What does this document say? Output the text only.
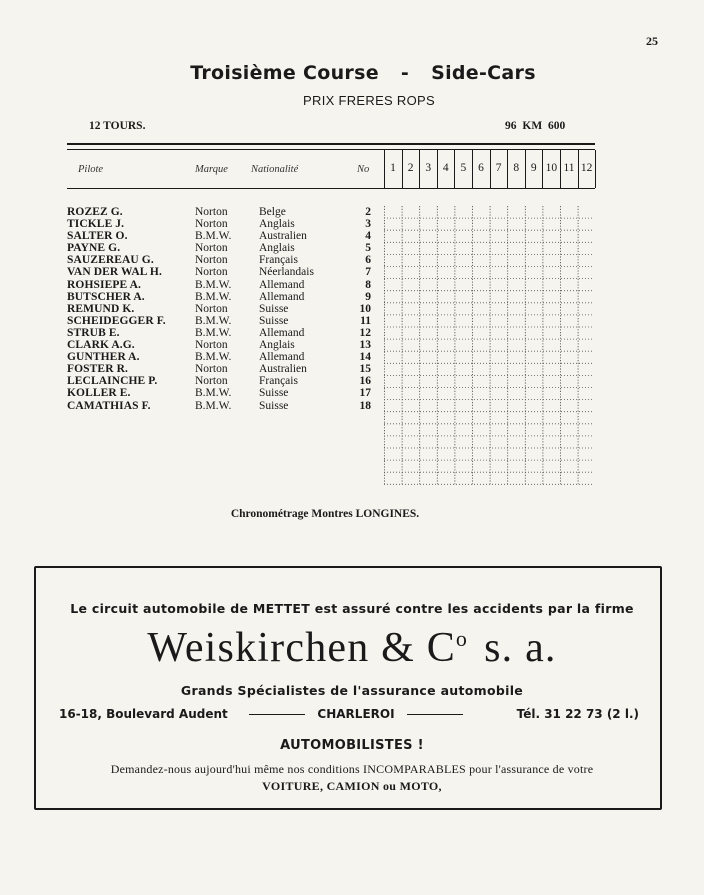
25
Troisième Course - Side-Cars
PRIX FRERES ROPS
12 TOURS.	96 KM 600
Pilote	Marque Nationalité	No	1	2	3	4	5	6	7	8	9 10 11 12
ROZEZ G.	Norton	Belge	2
TICKLE J.	Norton	Anglais	3
SALTER O.	B.M.W. Australien	4
PAYNE G.	Norton	Anglais	5
SAUZEREAU G.	Norton	Français	6
VAN DER WAL H.	Norton	Néerlandais	7
ROHSIEPE A.	B.M.W. Allemand	8
BUTSCHER A.	B.M.W. Allemand	9
REMUND K.	Norton	Suisse	10
SCHEIDEGGER F.	B.M.W. Suisse	11
STRUB E.	B.M.W. Allemand	12
CLARK A.G.	Norton	Anglais	13
GUNTHER A.	B.M.W. Allemand	14
FOSTER R.	Norton	Australien	15
LECLAINCHE P.	Norton	Français	16
KOLLER E.	B.M.W. Suisse	17
CAMATHIAS F.	B.M.W. Suisse	18
Chronométrage Montres LONGINES.
Le circuit automobile de METTET est assuré contre les accidents par la firme
Weiskirchen & $C^o$ s. a.
Grands Spécialistes de l'assurance automobile
16-18, Boulevard Audent	CHARLEROI	Tél. 31 22 73 (2 l.)
AUTOMOBILISTES !
Demandez-nous aujourd'hui même nos conditions INCOMPARABLES pour l'assurance de votre
VOITURE, CAMION ou MOTO,
